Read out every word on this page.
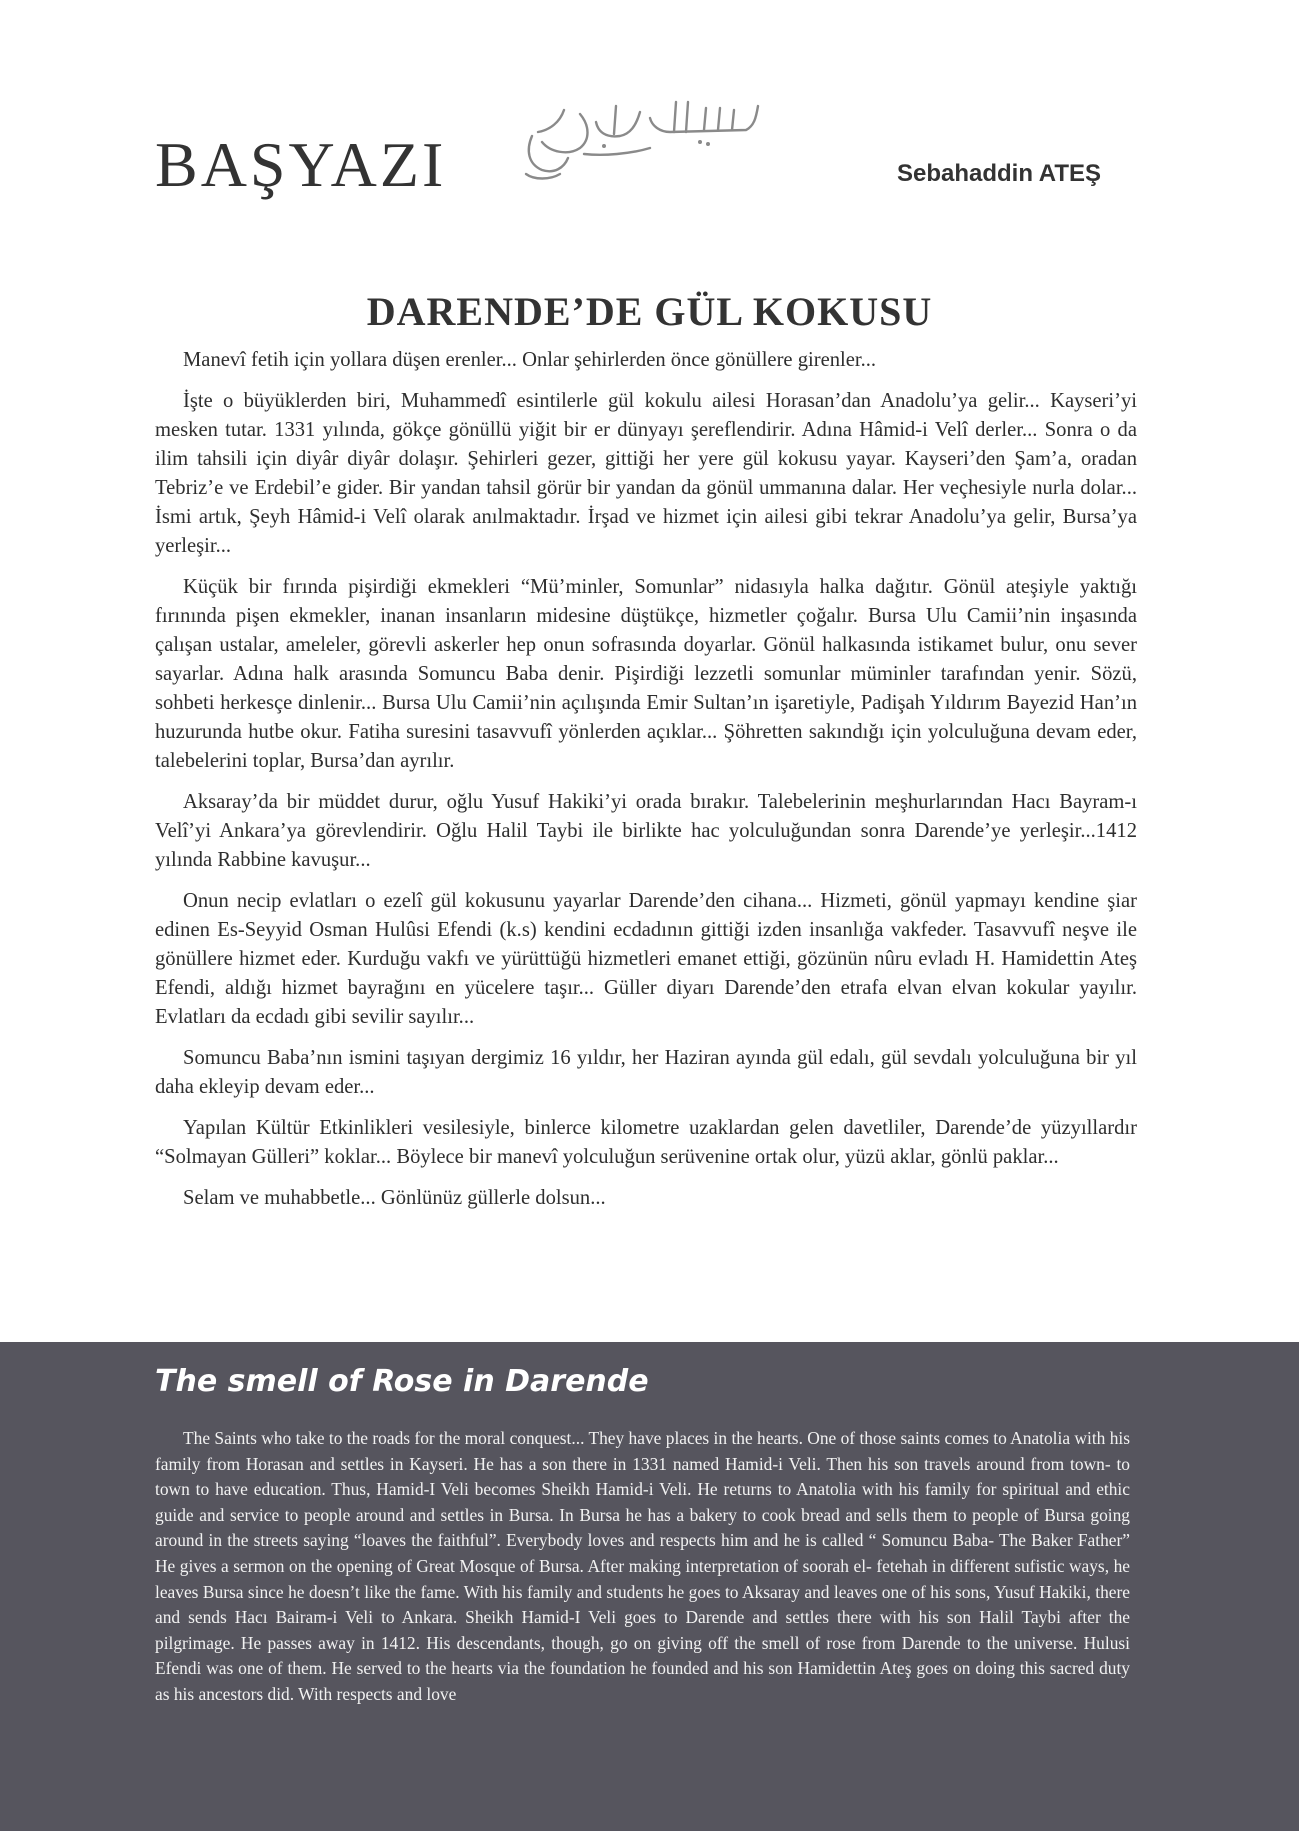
BAŞYAZI	Sebahaddin ATEŞ
DARENDE’DE GÜL KOKUSU

Manevî fetih için yollara düşen erenler... Onlar şehirlerden önce gönüllere girenler...

İşte o büyüklerden biri, Muhammedî esintilerle gül kokulu ailesi Horasan’dan Anadolu’ya gelir... Kayseri’yi mesken tutar. 1331 yılında, gökçe gönüllü yiğit bir er dünyayı şereflendirir. Adına Hâmid-i Velî derler... Sonra o da ilim tahsili için diyâr diyâr dolaşır. Şehirleri gezer, gittiği her yere gül kokusu yayar. Kayseri’den Şam’a, oradan Tebriz’e ve Erdebil’e gider. Bir yandan tahsil görür bir yandan da gönül ummanına dalar. Her veçhesiyle nurla dolar... İsmi artık, Şeyh Hâmid-i Velî olarak anılmaktadır. İrşad ve hizmet için ailesi gibi tekrar Anadolu’ya gelir, Bursa’ya yerleşir...

Küçük bir fırında pişirdiği ekmekleri “Mü’minler, Somunlar” nidasıyla halka dağıtır. Gönül ateşiyle yaktığı fırınında pişen ekmekler, inanan insanların midesine düştükçe, hizmetler çoğalır. Bursa Ulu Camii’nin inşasında çalışan ustalar, ameleler, görevli askerler hep onun sofrasında doyarlar. Gönül halkasında istikamet bulur, onu sever sayarlar. Adına halk arasında Somuncu Baba denir. Pişirdiği lezzetli somunlar müminler tarafından yenir. Sözü, sohbeti herkesçe dinlenir... Bursa Ulu Camii’nin açılışında Emir Sultan’ın işaretiyle, Padişah Yıldırım Bayezid Han’ın huzurunda hutbe okur. Fatiha suresini tasavvufî yönlerden açıklar... Şöhretten sakındığı için yolculuğuna devam eder, talebelerini toplar, Bursa’dan ayrılır.

Aksaray’da bir müddet durur, oğlu Yusuf Hakiki’yi orada bırakır. Talebelerinin meşhurlarından Hacı Bayram-ı Velî’yi Ankara’ya görevlendirir. Oğlu Halil Taybi ile birlikte hac yolculuğundan sonra Darende’ye yerleşir...1412 yılında Rabbine kavuşur...

Onun necip evlatları o ezelî gül kokusunu yayarlar Darende’den cihana... Hizmeti, gönül yapmayı kendine şiar edinen Es-Seyyid Osman Hulûsi Efendi (k.s) kendini ecdadının gittiği izden insanlığa vakfeder. Tasavvufî neşve ile gönüllere hizmet eder. Kurduğu vakfı ve yürüttüğü hizmetleri emanet ettiği, gözünün nûru evladı H. Hamidettin Ateş Efendi, aldığı hizmet bayrağını en yücelere taşır... Güller diyarı Darende’den etrafa elvan elvan kokular yayılır. Evlatları da ecdadı gibi sevilir sayılır...

Somuncu Baba’nın ismini taşıyan dergimiz 16 yıldır, her Haziran ayında gül edalı, gül sevdalı yolculuğuna bir yıl daha ekleyip devam eder...

Yapılan Kültür Etkinlikleri vesilesiyle, binlerce kilometre uzaklardan gelen davetliler, Darende’de yüzyıllardır “Solmayan Gülleri” koklar... Böylece bir manevî yolculuğun serüvenine ortak olur, yüzü aklar, gönlü paklar...

Selam ve muhabbetle... Gönlünüz güllerle dolsun...

The smell of Rose in Darende

The Saints who take to the roads for the moral conquest... They have places in the hearts. One of those saints comes to Anatolia with his family from Horasan and settles in Kayseri. He has a son there in 1331 named Hamid-i Veli. Then his son travels around from town- to town to have education. Thus, Hamid-I Veli becomes Sheikh Hamid-i Veli. He returns to Anatolia with his family for spiritual and ethic guide and service to people around and settles in Bursa. In Bursa he has a bakery to cook bread and sells them to people of Bursa going around in the streets saying “loaves the faithful”. Everybody loves and respects him and he is called “ Somuncu Baba- The Baker Father” He gives a sermon on the opening of Great Mosque of Bursa. After making interpretation of soorah el- fetehah in different sufistic ways, he leaves Bursa since he doesn’t like the fame. With his family and students he goes to Aksaray and leaves one of his sons, Yusuf Hakiki, there and sends Hacı Bairam-i Veli to Ankara. Sheikh Hamid-I Veli goes to Darende and settles there with his son Halil Taybi after the pilgrimage. He passes away in 1412. His descendants, though, go on giving off the smell of rose from Darende to the universe. Hulusi Efendi was one of them. He served to the hearts via the foundation he founded and his son Hamidettin Ateş goes on doing this sacred duty as his ancestors did. With respects and love
